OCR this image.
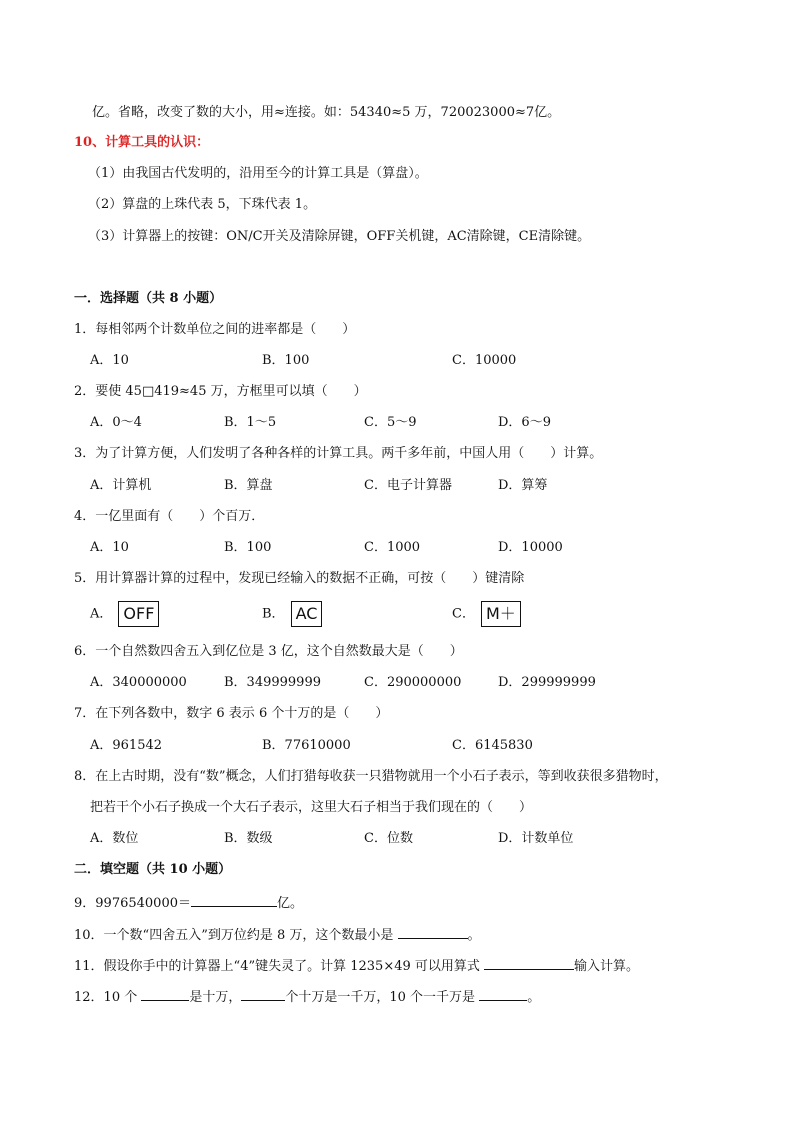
亿。省略，改变了数的大小，用≈连接。如：54340≈5 万，720023000≈7亿。
10、计算工具的认识：
（1）由我国古代发明的，沿用至今的计算工具是（算盘）。
（2）算盘的上珠代表 5，下珠代表 1。
（3）计算器上的按键：ON/C开关及清除屏键，OFF关机键，AC清除键，CE清除键。
一．选择题（共 8 小题）
1．每相邻两个计数单位之间的进率都是（　　）
A．10	B．100	C．10000
2．要使 45□419≈45 万，方框里可以填（　　）
A．0～4	B．1～5	C．5～9	D．6～9
3．为了计算方便，人们发明了各种各样的计算工具。两千多年前，中国人用（　　）计算。
A．计算机	B．算盘	C．电子计算器	D．算筹
4．一亿里面有（　　）个百万．
A．10	B．100	C．1000	D．10000
5．用计算器计算的过程中，发现已经输入的数据不正确，可按（　　）键清除
A． OFF	B． AC	C． M＋
6．一个自然数四舍五入到亿位是 3 亿，这个自然数最大是（　　）
A．340000000	B．349999999	C．290000000	D．299999999
7．在下列各数中，数字 6 表示 6 个十万的是（　　）
A．961542	B．77610000	C．6145830
8．在上古时期，没有“数”概念，人们打猎每收获一只猎物就用一个小石子表示，等到收获很多猎物时，
把若干个小石子换成一个大石子表示，这里大石子相当于我们现在的（　　）
A．数位	B．数级	C．位数	D．计数单位
二．填空题（共 10 小题）
9．9976540000＝	亿。
10．一个数“四舍五入”到万位约是 8 万，这个数最小是	。
11．假设你手中的计算器上“4”键失灵了。计算 1235×49 可以用算式	输入计算。
12．10 个	是十万，	个十万是一千万，10 个一千万是	。
